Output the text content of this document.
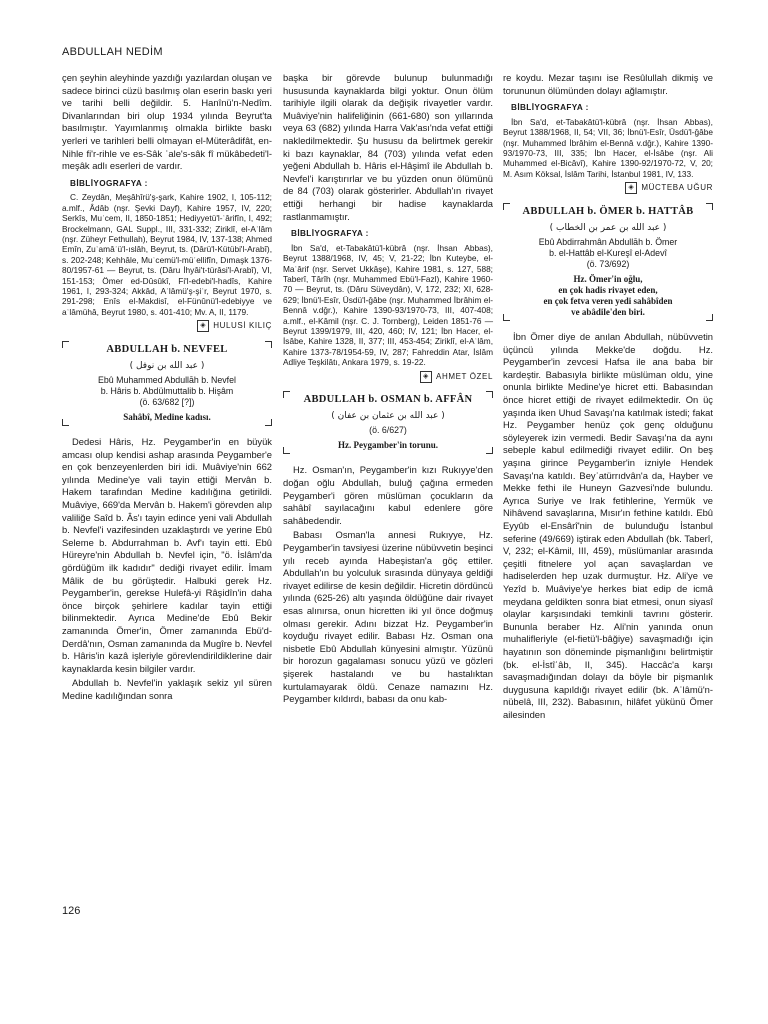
ABDULLAH NEDİM

çen şeyhin aleyhinde yazdığı yazılardan oluşan ve sadece birinci cüzü basılmış olan eserin baskı yeri ve tarihi belli değildir. 5. Hanînü'n-Nedîm. Divanlarından biri olup 1934 yılında Beyrut'ta basılmıştır. Yayımlanmış olmakla birlikte baskı yerleri ve tarihleri belli olmayan el-Müterâdifât, en-Nihle fi'r-rihle ve es-Sâk ʿale's-sâk fî mükâbedeti'l-meşâk adlı eserleri de vardır.

BİBLİYOGRAFYA :

C. Zeydân, Meşâhîrü'ş-şark, Kahire 1902, I, 105-112; a.mlf., Âdâb (nşr. Şevki Dayf), Kahire 1957, IV, 220; Serkîs, Muʿcem, II, 1850-1851; Hediyyetü'l-ʿârifîn, I, 492; Brockelmann, GAL Suppl., III, 331-332; Ziriklî, el-Aʿlâm (nşr. Züheyr Fethullah), Beyrut 1984, IV, 137-138; Ahmed Emîn, Zuʿamâʾü'l-ıslâh, Beyrut, ts. (Dârü'l-Kütübi'l-Arabî), s. 202-248; Kehhâle, Muʿcemü'l-müʾellifîn, Dımaşk 1376-80/1957-61 — Beyrut, ts. (Dâru İhyâi't-türâsi'l-Arabî), VI, 151-153; Ömer ed-Dûsûkî, Fi'l-edebi'l-hadîs, Kahire 1961, I, 293-324; Akkâd, Aʿlâmü'ş-şiʿr, Beyrut 1970, s. 291-298; Enîs el-Makdisî, el-Fünûnü'l-edebiyye ve aʿlâmühâ, Beyrut 1980, s. 401-410; Mv. A, II, 1179.

◈ HULUSİ KILIÇ
ABDULLAH b. NEVFEL
( عبد الله بن نوفل )
Ebû Muhammed Abdullāh b. Nevfel
b. Hâris b. Abdülmuttalib b. Hişâm
(ö. 63/682 [?])
Sahâbî, Medine kadısı.

Dedesi Hâris, Hz. Peygamber'in en büyük amcası olup kendisi ashap arasında Peygamber'e en çok benzeyenlerden biri idi. Muâviye'nin 662 yılında Medine'ye vali tayin ettiği Mervân b. Hakem tarafından Medine kadılığına getirildi. Muâviye, 669'da Mervân b. Hakem'i görevden alıp valiliğe Saîd b. Âs'ı tayin edince yeni vali Abdullah b. Nevfel'i vazifesinden uzaklaştırdı ve yerine Ebû Seleme b. Abdurrahman b. Avf'ı tayin etti. Ebû Hüreyre'nin Abdullah b. Nevfel için, "ö. İslâm'da gördüğüm ilk kadıdır" dediği rivayet edilir. İmam Mâlik de bu görüştedir. Halbuki gerek Hz. Peygamber'in, gerekse Hulefâ-yi Râşidîn'in daha önce birçok şehirlere kadılar tayin ettiği bilinmektedir. Ayrıca Medine'de Ebû Bekir zamanında Ömer'in, Ömer zamanında Ebü'd-Derdâ'nın, Osman zamanında da Mugîre b. Nevfel b. Hâris'in kazâ işleriyle görevlendirildiklerine dair kaynaklarda kesin bilgiler vardır.

Abdullah b. Nevfel'in yaklaşık sekiz yıl süren Medine kadılığından sonra

başka bir görevde bulunup bulunmadığı hususunda kaynaklarda bilgi yoktur. Onun ölüm tarihiyle ilgili olarak da değişik rivayetler vardır. Muâviye'nin halifeliğinin (661-680) son yıllarında veya 63 (682) yılında Harra Vak'ası'nda vefat ettiği nakledilmektedir. Şu hususu da belirtmek gerekir ki bazı kaynaklar, 84 (703) yılında vefat eden yeğeni Abdullah b. Hâris el-Hâşimî ile Abdullah b. Nevfel'i karıştırırlar ve bu yüzden onun ölümünü de 84 (703) olarak gösterirler. Abdullah'ın rivayet ettiği herhangi bir hadise kaynaklarda rastlanmamıştır.

BİBLİYOGRAFYA :

İbn Sa'd, et-Tabakâtü'l-kübrâ (nşr. İhsan Abbas), Beyrut 1388/1968, IV, 45; V, 21-22; İbn Kuteybe, el-Maʿârif (nşr. Servet Ukkâşe), Kahire 1981, s. 127, 588; Taberî, Târîh (nşr. Muhammed Ebü'l-Fazl), Kahire 1960-70 — Beyrut, ts. (Dâru Süveydân), V, 172, 232; XI, 628-629; İbnü'l-Esîr, Üsdü'l-ğâbe (nşr. Muhammed İbrâhim el-Bennâ v.dğr.), Kahire 1390-93/1970-73, III, 407-408; a.mlf., el-Kâmil (nşr. C. J. Tornberg), Leiden 1851-76 — Beyrut 1399/1979, III, 420, 460; IV, 121; İbn Hacer, el-İsâbe, Kahire 1328, II, 377; III, 453-454; Ziriklî, el-Aʿlâm, Kahire 1373-78/1954-59, IV, 287; Fahreddin Atar, İslâm Adliye Teşkilâtı, Ankara 1979, s. 19-22.

◈ AHMET ÖZEL
ABDULLAH b. OSMAN b. AFFÂN
( عبد الله بن عثمان بن عفان )
(ö. 6/627)
Hz. Peygamber'in torunu.

Hz. Osman'ın, Peygamber'in kızı Rukıyye'den doğan oğlu Abdullah, buluğ çağına ermeden Peygamber'i gören müslüman çocukların da sahâbî sayılacağını kabul edenlere göre sahâbedendir.

Babası Osman'la annesi Rukıyye, Hz. Peygamber'in tavsiyesi üzerine nübüvvetin beşinci yılı receb ayında Habeşistan'a göç ettiler. Abdullah'ın bu yolculuk sırasında dünyaya geldiği rivayet edilirse de kesin değildir. Hicretin dördüncü yılında (625-26) altı yaşında öldüğüne dair rivayet esas alınırsa, onun hicretten iki yıl önce doğmuş olması gerekir. Adını bizzat Hz. Peygamber'in koyduğu rivayet edilir. Babası Hz. Osman ona nisbetle Ebû Abdullah künyesini almıştır. Yüzünü bir horozun gagalaması sonucu yüzü ve gözleri şişerek hastalandı ve bu hastalıktan kurtulamayarak öldü. Cenaze namazını Hz. Peygamber kıldırdı, babası da onu kab-

re koydu. Mezar taşını ise Resûlullah dikmiş ve torununun ölümünden dolayı ağlamıştır.

BİBLİYOGRAFYA :

İbn Sa'd, et-Tabakâtü'l-kübrâ (nşr. İhsan Abbas), Beyrut 1388/1968, II, 54; VII, 36; İbnü'l-Esîr, Üsdü'l-ğâbe (nşr. Muhammed İbrâhim el-Bennâ v.dğr.), Kahire 1390-93/1970-73, III, 335; İbn Hacer, el-İsâbe (nşr. Ali Muhammed el-Bicâvî), Kahire 1390-92/1970-72, V, 20; M. Asım Köksal, İslâm Tarihi, İstanbul 1981, IV, 133.

◈ MÜCTEBA UĞUR
ABDULLAH b. ÖMER b. HATTÂB
( عبد الله بن عمر بن الخطاب )
Ebû Abdirrahmân Abdullāh b. Ömer
b. el-Hattâb el-Kureşî el-Adevî
(ö. 73/692)
Hz. Ömer'in oğlu,
en çok hadis rivayet eden,
en çok fetva veren yedi sahâbîden
ve abâdile'den biri.

İbn Ömer diye de anılan Abdullah, nübüvvetin üçüncü yılında Mekke'de doğdu. Hz. Peygamber'in zevcesi Hafsa ile ana baba bir kardeştir. Babasıyla birlikte müslüman oldu, yine onunla birlikte Medine'ye hicret etti. Babasından önce hicret ettiği de rivayet edilmektedir. On üç yaşında iken Uhud Savaşı'na katılmak istedi; fakat Hz. Peygamber henüz çok genç olduğunu söyleyerek izin vermedi. Bedir Savaşı'na da aynı sebeple kabul edilmediği rivayet edilir. On beş yaşına girince Peygamber'in izniyle Hendek Savaşı'na katıldı. Beyʿatürrıdvân'a da, Hayber ve Mekke fethi ile Huneyn Gazvesi'nde bulundu. Ayrıca Suriye ve Irak fetihlerine, Yermük ve Nihâvend savaşlarına, Mısır'ın fethine katıldı. Ebû Eyyûb el-Ensârî'nin de bulunduğu İstanbul seferine (49/669) iştirak eden Abdullah (bk. Taberî, V, 232; el-Kâmil, III, 459), müslümanlar arasında çeşitli fitnelere yol açan savaşlardan ve hadiselerden hep uzak durmuştur. Hz. Ali'ye ve Yezîd b. Muâviye'ye herkes biat edip de icmâ meydana geldikten sonra biat etmesi, onun siyasî olaylar karşısındaki temkinli tavrını gösterir. Bununla beraber Hz. Ali'nin yanında onun muhalifleriyle (el-fietü'l-bâğiye) savaşmadığı için hayatının son döneminde pişmanlığını belirtmiştir (bk. el-İstîʿâb, II, 345). Haccâc'a karşı savaşmadığından dolayı da böyle bir pişmanlık duygusuna kapıldığı rivayet edilir (bk. Aʿlâmü'n-nübelâ, III, 232). Babasının, hilâfet yükünü Ömer ailesinden

126
